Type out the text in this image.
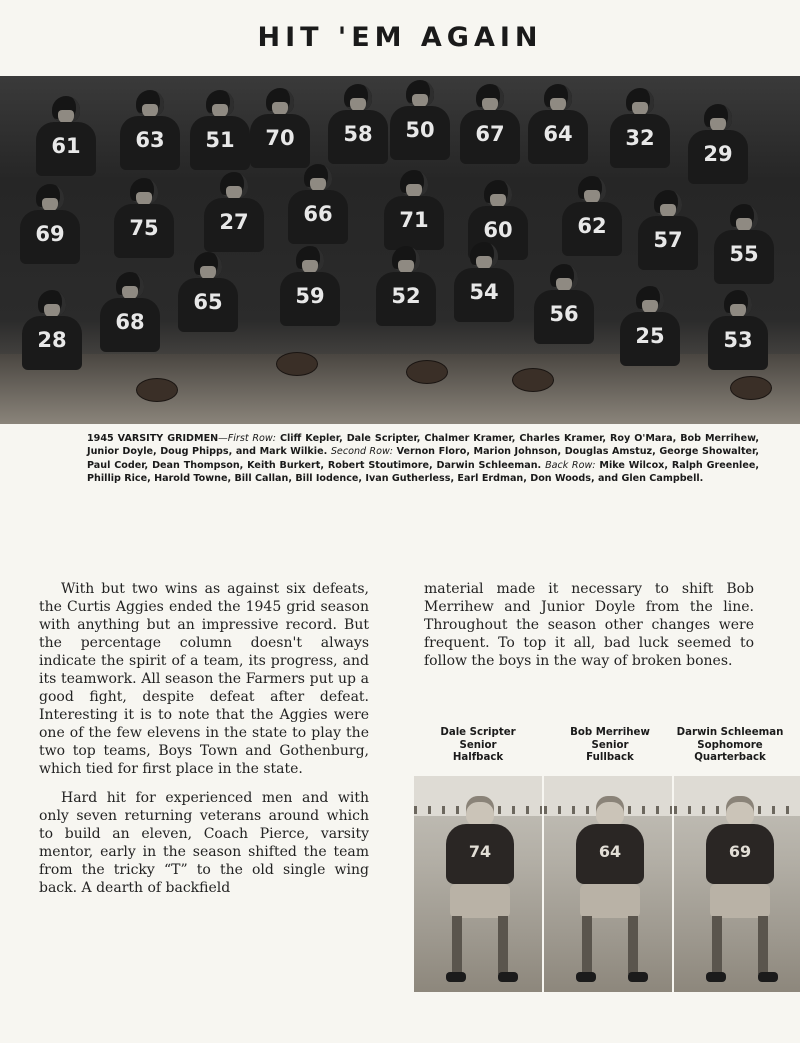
HIT 'EM AGAIN
61	63	51	70	58	50	67	64	32
29
69	75	27	66	71	60	62
57
55
28
68
65	59	52	54
56
25	53
1945 VARSITY GRIDMEN—First Row: Cliff Kepler, Dale Scripter, Chalmer Kramer, Charles Kramer, Roy O'Mara, Bob Merrihew, Junior Doyle, Doug Phipps, and Mark Wilkie. Second Row: Vernon Floro, Marion Johnson, Douglas Amstuz, George Showalter, Paul Coder, Dean Thompson, Keith Burkert, Robert Stoutimore, Darwin Schleeman. Back Row: Mike Wilcox, Ralph Greenlee, Phillip Rice, Harold Towne, Bill Callan, Bill Iodence, Ivan Gutherless, Earl Erdman, Don Woods, and Glen Campbell.

With but two wins as against six defeats, the Curtis Aggies ended the 1945 grid season with anything but an impressive record. But the percentage column doesn't always indicate the spirit of a team, its progress, and its teamwork. All season the Farmers put up a good fight, despite defeat after defeat. Interesting it is to note that the Aggies were one of the few elevens in the state to play the two top teams, Boys Town and Gothenburg, which tied for first place in the state.

Hard hit for experienced men and with only seven returning veterans around which to build an eleven, Coach Pierce, varsity mentor, early in the season shifted the team from the tricky “T” to the old single wing back. A dearth of backfield

material made it necessary to shift Bob Merrihew and Junior Doyle from the line. Throughout the season other changes were frequent. To top it all, bad luck seemed to follow the boys in the way of broken bones.

Dale Scripter
Senior
Halfback
Bob Merrihew
Senior
Fullback
Darwin Schleeman
Sophomore
Quarterback
74	64	69
